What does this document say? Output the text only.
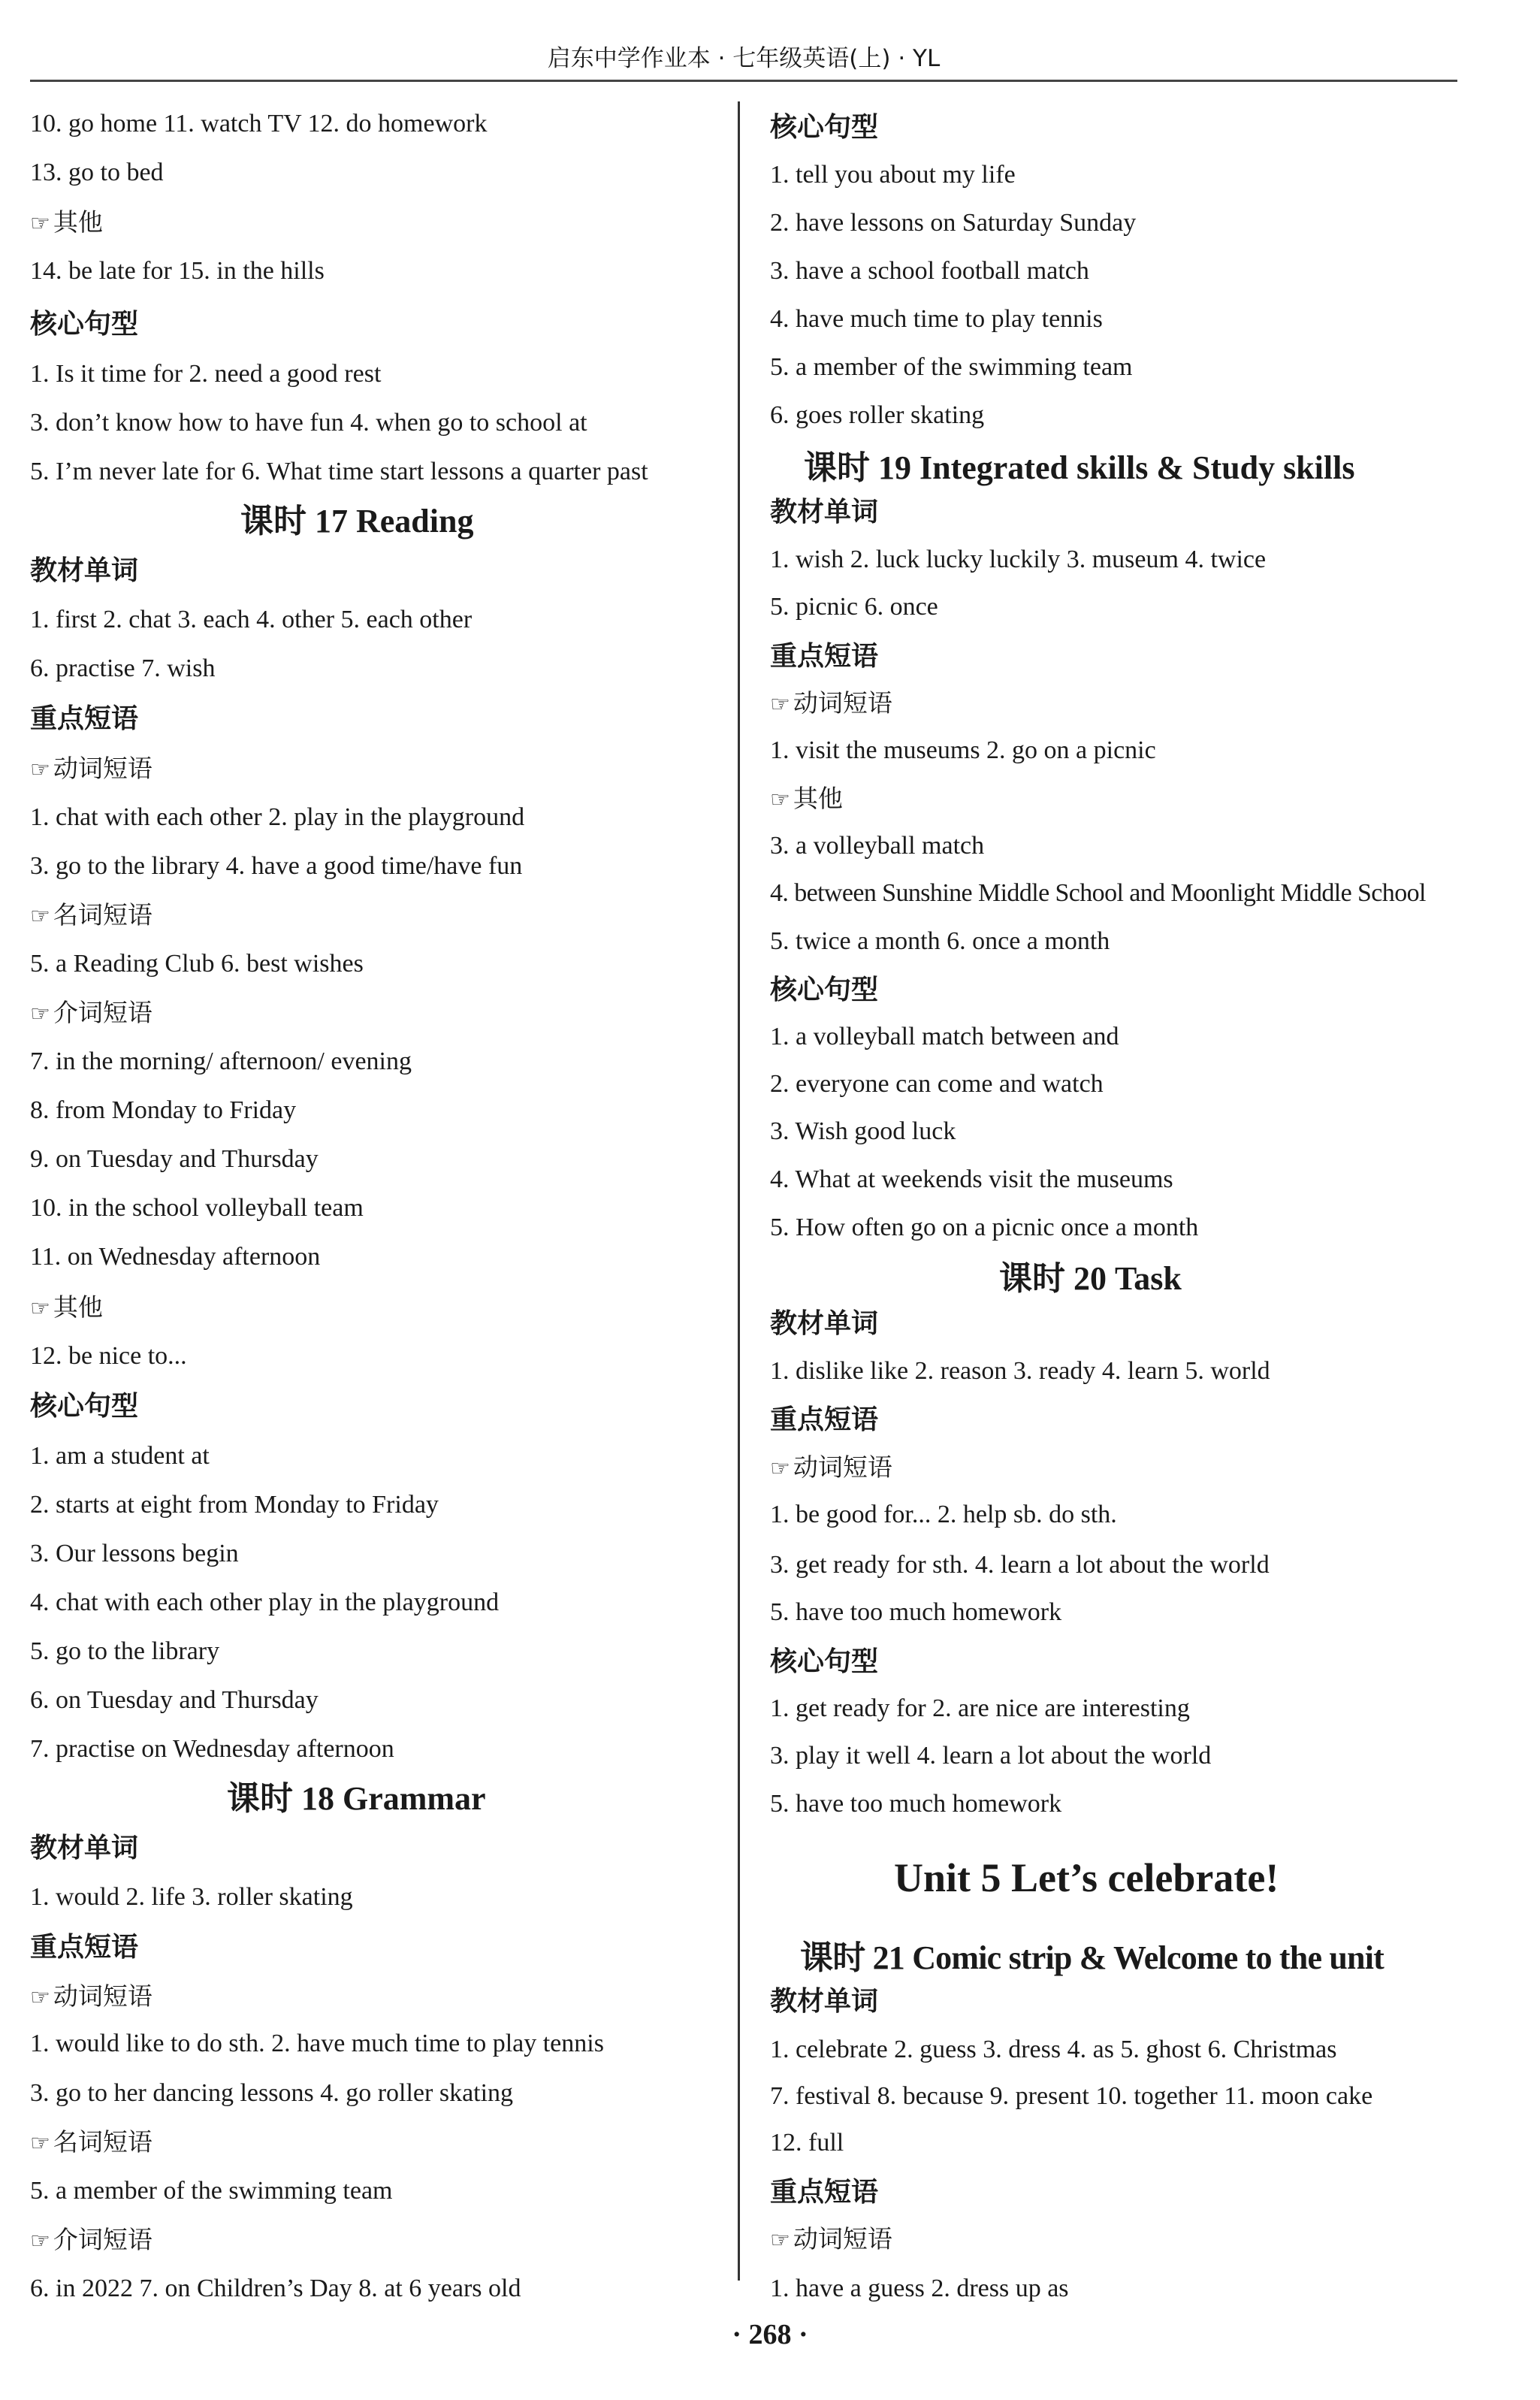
启东中学作业本 · 七年级英语(上) · YL
10. go home 11. watch TV 12. do homework
13. go to bed
☞ 其他
14. be late for 15. in the hills
核心句型
1. Is it time for 2. need a good rest
3. don’t know how to have fun 4. when go to school at
5. I’m never late for 6. What time start lessons a quarter past
课时 17 Reading
教材单词
1. first 2. chat 3. each 4. other 5. each other
6. practise 7. wish
重点短语
☞ 动词短语
1. chat with each other 2. play in the playground
3. go to the library 4. have a good time/have fun
☞ 名词短语
5. a Reading Club 6. best wishes
☞ 介词短语
7. in the morning/ afternoon/ evening
8. from Monday to Friday
9. on Tuesday and Thursday
10. in the school volleyball team
11. on Wednesday afternoon
☞ 其他
12. be nice to...
核心句型
1. am a student at
2. starts at eight from Monday to Friday
3. Our lessons begin
4. chat with each other play in the playground
5. go to the library
6. on Tuesday and Thursday
7. practise on Wednesday afternoon
课时 18 Grammar
教材单词
1. would 2. life 3. roller skating
重点短语
☞ 动词短语
1. would like to do sth. 2. have much time to play tennis
3. go to her dancing lessons 4. go roller skating
☞ 名词短语
5. a member of the swimming team
☞ 介词短语
6. in 2022 7. on Children’s Day 8. at 6 years old
核心句型
1. tell you about my life
2. have lessons on Saturday Sunday
3. have a school football match
4. have much time to play tennis
5. a member of the swimming team
6. goes roller skating
课时 19 Integrated skills & Study skills
教材单词
1. wish 2. luck lucky luckily 3. museum 4. twice
5. picnic 6. once
重点短语
☞ 动词短语
1. visit the museums 2. go on a picnic
☞ 其他
3. a volleyball match
4. between Sunshine Middle School and Moonlight Middle School
5. twice a month 6. once a month
核心句型
1. a volleyball match between and
2. everyone can come and watch
3. Wish good luck
4. What at weekends visit the museums
5. How often go on a picnic once a month
课时 20 Task
教材单词
1. dislike like 2. reason 3. ready 4. learn 5. world
重点短语
☞ 动词短语
1. be good for... 2. help sb. do sth.
3. get ready for sth. 4. learn a lot about the world
5. have too much homework
核心句型
1. get ready for 2. are nice are interesting
3. play it well 4. learn a lot about the world
5. have too much homework
Unit 5 Let’s celebrate!
课时 21 Comic strip & Welcome to the unit
教材单词
1. celebrate 2. guess 3. dress 4. as 5. ghost 6. Christmas
7. festival 8. because 9. present 10. together 11. moon cake
12. full
重点短语
☞ 动词短语
1. have a guess 2. dress up as
· 268 ·
